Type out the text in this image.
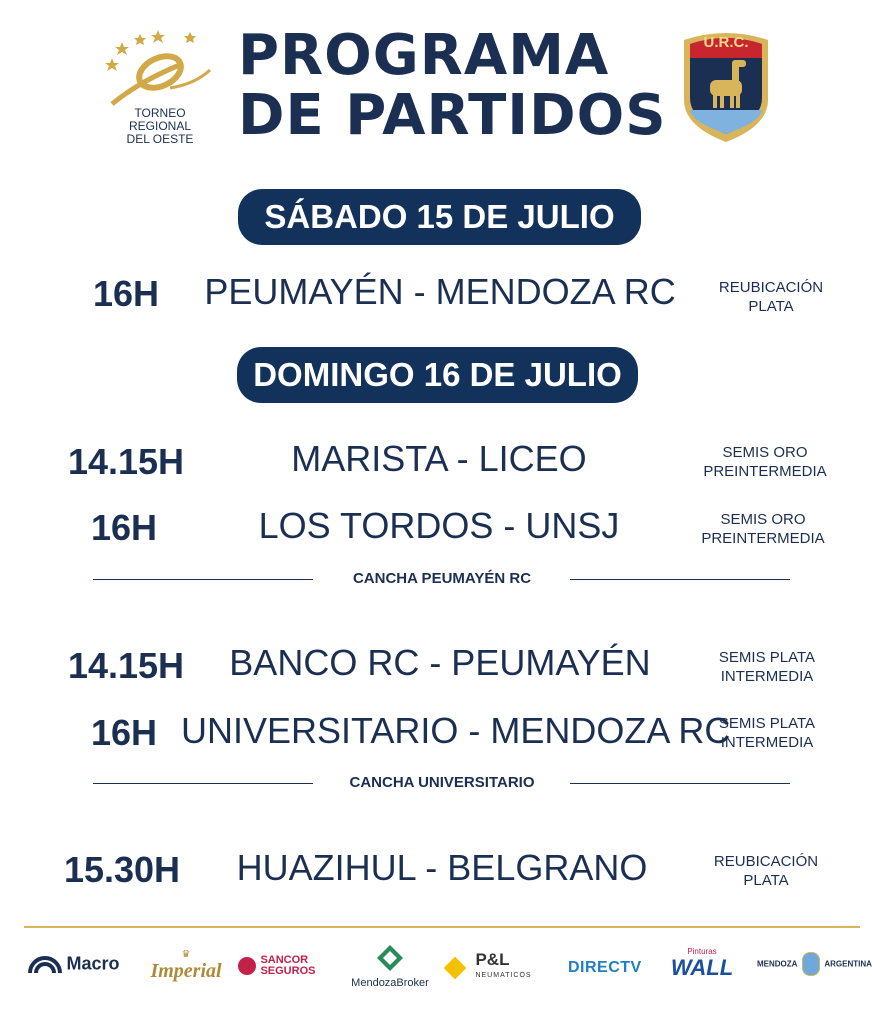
TORNEO
REGIONAL
DEL OESTE
PROGRAMA
DE PARTIDOS
U.R.C.
SÁBADO 15 DE JULIO
16H	PEUMAYÉN - MENDOZA RC	REUBICACIÓN
PLATA
DOMINGO 16 DE JULIO
14.15H	MARISTA - LICEO	SEMIS ORO
PREINTERMEDIA
16H	LOS TORDOS - UNSJ	SEMIS ORO
PREINTERMEDIA
CANCHA PEUMAYÉN RC
14.15H	BANCO RC - PEUMAYÉN	SEMIS PLATA
INTERMEDIA
16H UNIVERSITARIO - MENDOZA RC
SEMIS PLATA
INTERMEDIA
CANCHA UNIVERSITARIO
15.30H	HUAZIHUL - BELGRANO	REUBICACIÓN
PLATA
Macro	♛
Imperial	SANCOR
SEGUROS
MendozaBroker
P&L
NEUMATICOS DIRECTV
Pinturas
WALL	MENDOZA	ARGENTINA
